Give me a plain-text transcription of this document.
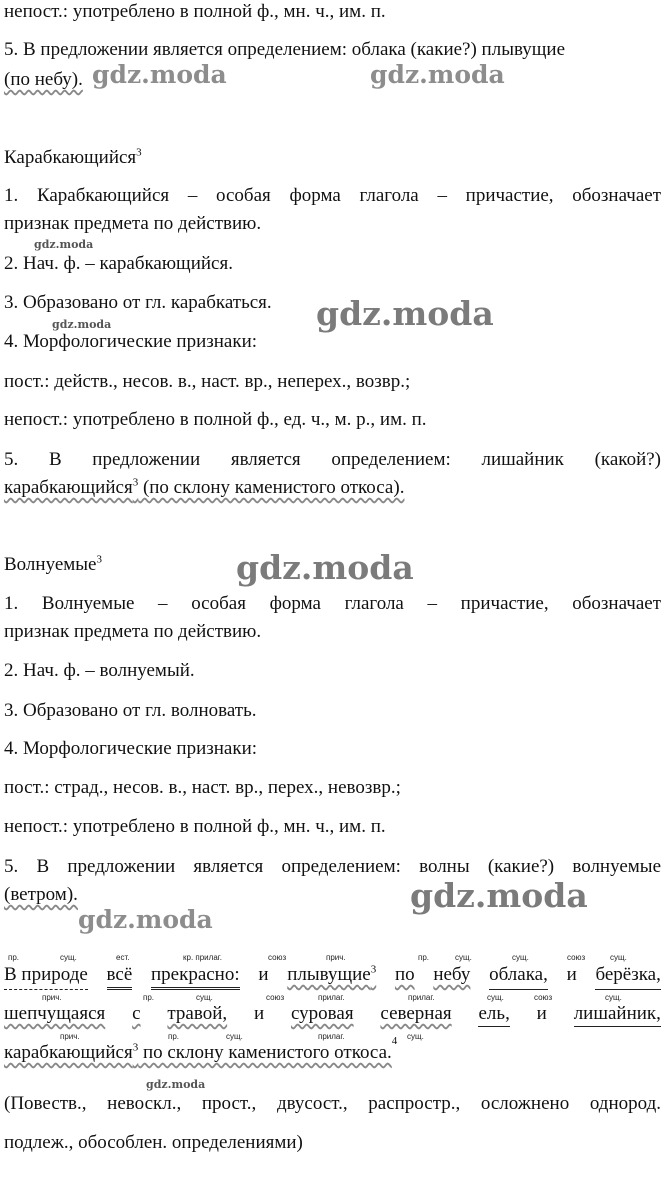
непост.: употреблено в полной ф., мн. ч., им. п.
5. В предложении является определением: облака (какие?) плывущие
(по небу).
Карабкающийся$^3$
1. Карабкающийся – особая форма глагола – причастие, обозначает
признак предмета по действию.
2. Нач. ф. – карабкающийся.
3. Образовано от гл. карабкаться.
4. Морфологические признаки:
пост.: действ., несов. в., наст. вр., неперех., возвр.;
непост.: употреблено в полной ф., ед. ч., м. р., им. п.
5. В предложении является определением: лишайник (какой?)
карабкающийся$^3$ (по склону каменистого откоса).
Волнуемые$^3$
1. Волнуемые – особая форма глагола – причастие, обозначает
признак предмета по действию.
2. Нач. ф. – волнуемый.
3. Образовано от гл. волновать.
4. Морфологические признаки:
пост.: страд., несов. в., наст. вр., перех., невозвр.;
непост.: употреблено в полной ф., мн. ч., им. п.
5. В предложении является определением: волны (какие?) волнуемые
(ветром).
пр.	сущ.	ест.	кр. прилаг.	союз	прич.	пр.	сущ.	сущ.	союз	сущ.
В природе всё прекрасно: и плывущие$^3$ по небу облака, и берёзка,
прич.	пр.	сущ.	союз	прилаг.	прилаг.	сущ.	союз	сущ.
шепчущаяся с травой, и суровая северная ель, и лишайник,
прич.	пр.	сущ.	прилаг.	сущ.
карабкающийся$^3$ по склону каменистого откоса.
4
(Повеств., невоскл., прост., двусост., распростр., осложнено однород.
подлеж., обособлен. определениями)
gdz.moda	gdz.moda
gdz.moda
gdz.moda
gdz.moda
gdz.moda
gdz.moda
gdz.moda
gdz.moda
